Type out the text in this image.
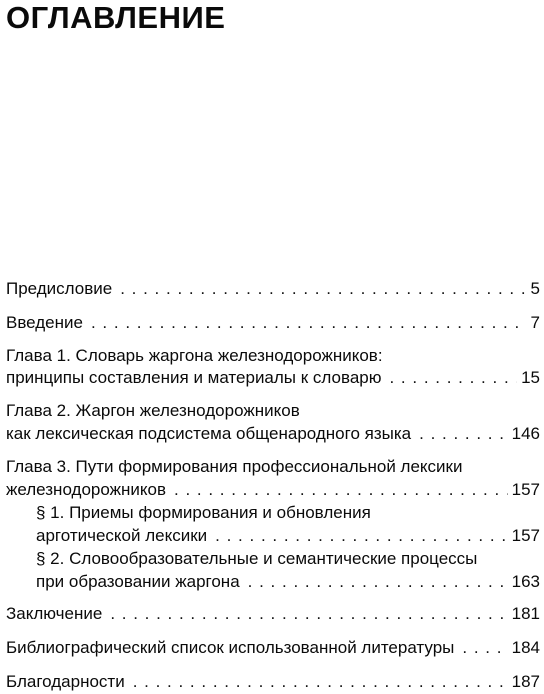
ОГЛАВЛЕНИЕ
Предисловие . . .	5
Введение . . .	7
Глава 1. Словарь жаргона железнодорожников:
принципы составления и материалы к словарю . . .	15
Глава 2. Жаргон железнодорожников
как лексическая подсистема общенародного языка . . .	146
Глава 3. Пути формирования профессиональной лексики
железнодорожников . . .	157
§ 1. Приемы формирования и обновления
арготической лексики . . .	157
§ 2. Словообразовательные и семантические процессы
при образовании жаргона . . .	163
Заключение . . .	181
Библиографический список использованной литературы . . .	184
Благодарности . . .	187
